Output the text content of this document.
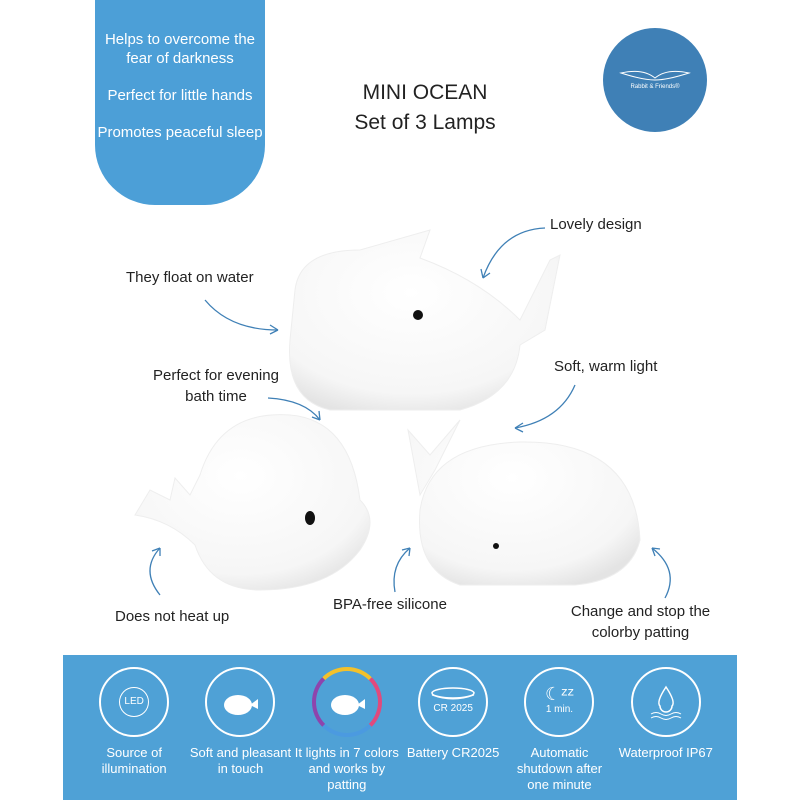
Helps to overcome the fear of darkness

Perfect for little hands

Promotes peaceful sleep

Rabbit & Friends®
MINI OCEAN
Set of 3 Lamps
Lovely design
They float on water
Perfect for evening
bath time
Soft, warm light
Does not heat up
BPA-free silicone	Change and stop the
colorby patting
LED
Source of illumination
Soft and pleasant in touch
It lights in 7 colors and works by patting
CR 2025
Battery CR2025
☾ᶻᶻ
1 min.
Automatic shutdown after one minute
Waterproof IP67
